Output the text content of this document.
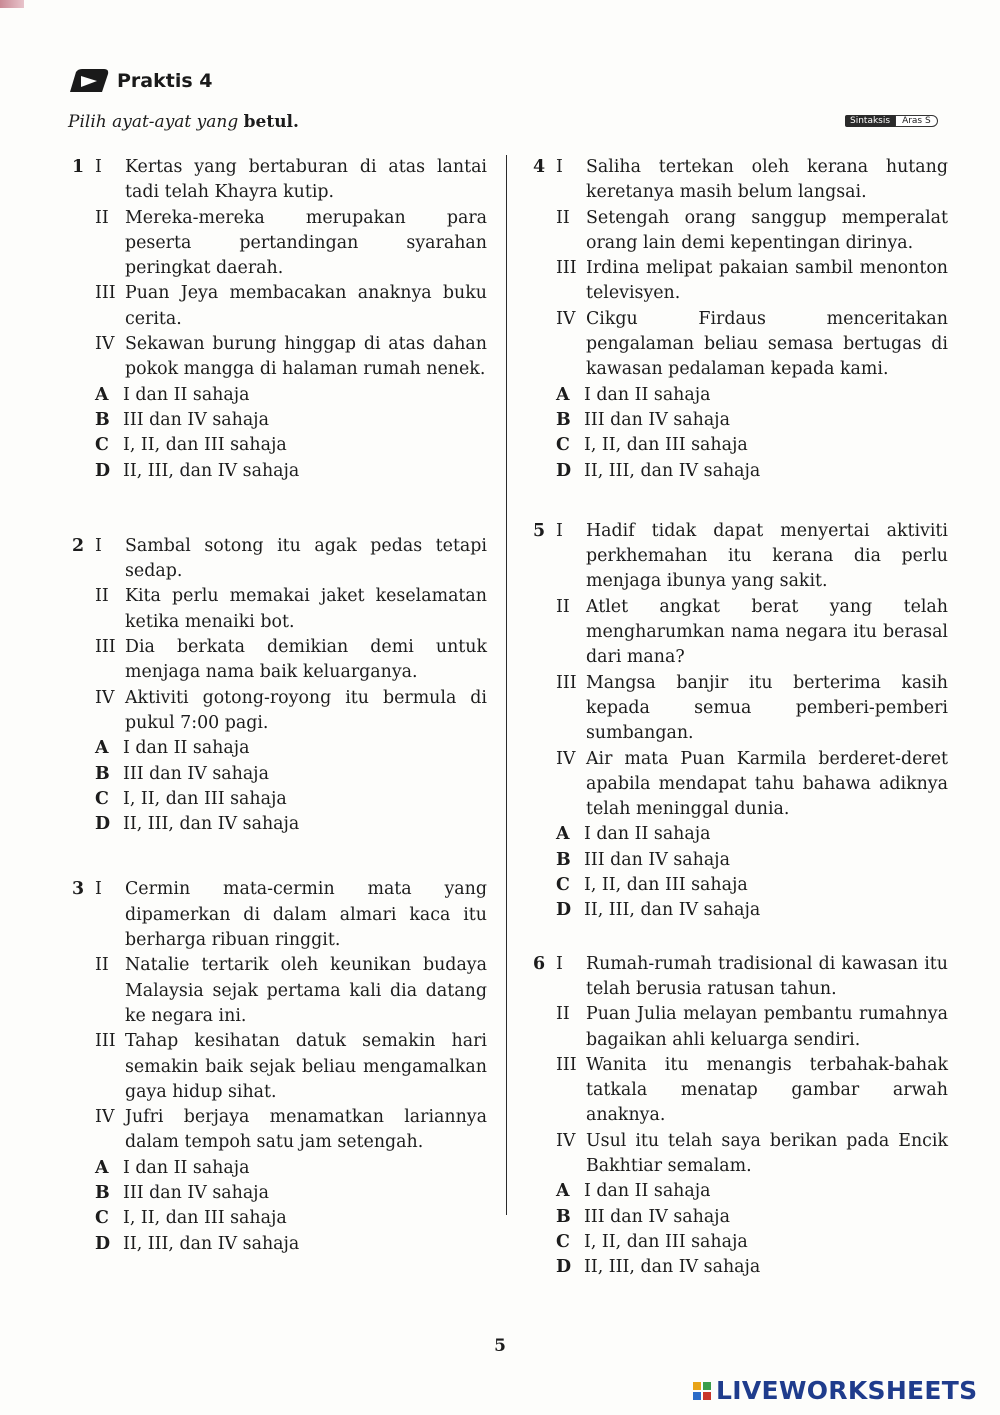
Praktis 4
Pilih ayat-ayat yang betul.	Sintaksis	Aras S
1 I	Kertas yang bertaburan di atas lantai tadi telah Khayra kutip.
II Mereka-mereka merupakan para peserta pertandingan syarahan peringkat daerah.
III Puan Jeya membacakan anaknya buku cerita.
IV Sekawan burung hinggap di atas dahan pokok mangga di halaman rumah nenek.
A I dan II sahaja
B III dan IV sahaja
C I, II, dan III sahaja
D II, III, dan IV sahaja
2 I	Sambal sotong itu agak pedas tetapi sedap.
II Kita perlu memakai jaket keselamatan ketika menaiki bot.
III Dia berkata demikian demi untuk menjaga nama baik keluarganya.
IV Aktiviti gotong-royong itu bermula di pukul 7:00 pagi.
A I dan II sahaja
B III dan IV sahaja
C I, II, dan III sahaja
D II, III, dan IV sahaja
3 I	Cermin mata-cermin mata yang dipamerkan di dalam almari kaca itu berharga ribuan ringgit.
II Natalie tertarik oleh keunikan budaya Malaysia sejak pertama kali dia datang ke negara ini.
III Tahap kesihatan datuk semakin hari semakin baik sejak beliau mengamalkan gaya hidup sihat.
IV Jufri berjaya menamatkan lariannya dalam tempoh satu jam setengah.
A I dan II sahaja
B III dan IV sahaja
C I, II, dan III sahaja
D II, III, dan IV sahaja
4 I	Saliha tertekan oleh kerana hutang keretanya masih belum langsai.
II Setengah orang sanggup memperalat orang lain demi kepentingan dirinya.
III Irdina melipat pakaian sambil menonton televisyen.
IV Cikgu Firdaus menceritakan pengalaman beliau semasa bertugas di kawasan pedalaman kepada kami.
A I dan II sahaja
B III dan IV sahaja
C I, II, dan III sahaja
D II, III, dan IV sahaja
5 I	Hadif tidak dapat menyertai aktiviti perkhemahan itu kerana dia perlu menjaga ibunya yang sakit.
II Atlet angkat berat yang telah mengharumkan nama negara itu berasal dari mana?
III Mangsa banjir itu berterima kasih kepada semua pemberi-pemberi sumbangan.
IV Air mata Puan Karmila berderet-deret apabila mendapat tahu bahawa adiknya telah meninggal dunia.
A I dan II sahaja
B III dan IV sahaja
C I, II, dan III sahaja
D II, III, dan IV sahaja
6 I	Rumah-rumah tradisional di kawasan itu telah berusia ratusan tahun.
II Puan Julia melayan pembantu rumahnya bagaikan ahli keluarga sendiri.
III Wanita itu menangis terbahak-bahak tatkala menatap gambar arwah anaknya.
IV Usul itu telah saya berikan pada Encik Bakhtiar semalam.
A I dan II sahaja
B III dan IV sahaja
C I, II, dan III sahaja
D II, III, dan IV sahaja
5
LIVEWORKSHEETS
